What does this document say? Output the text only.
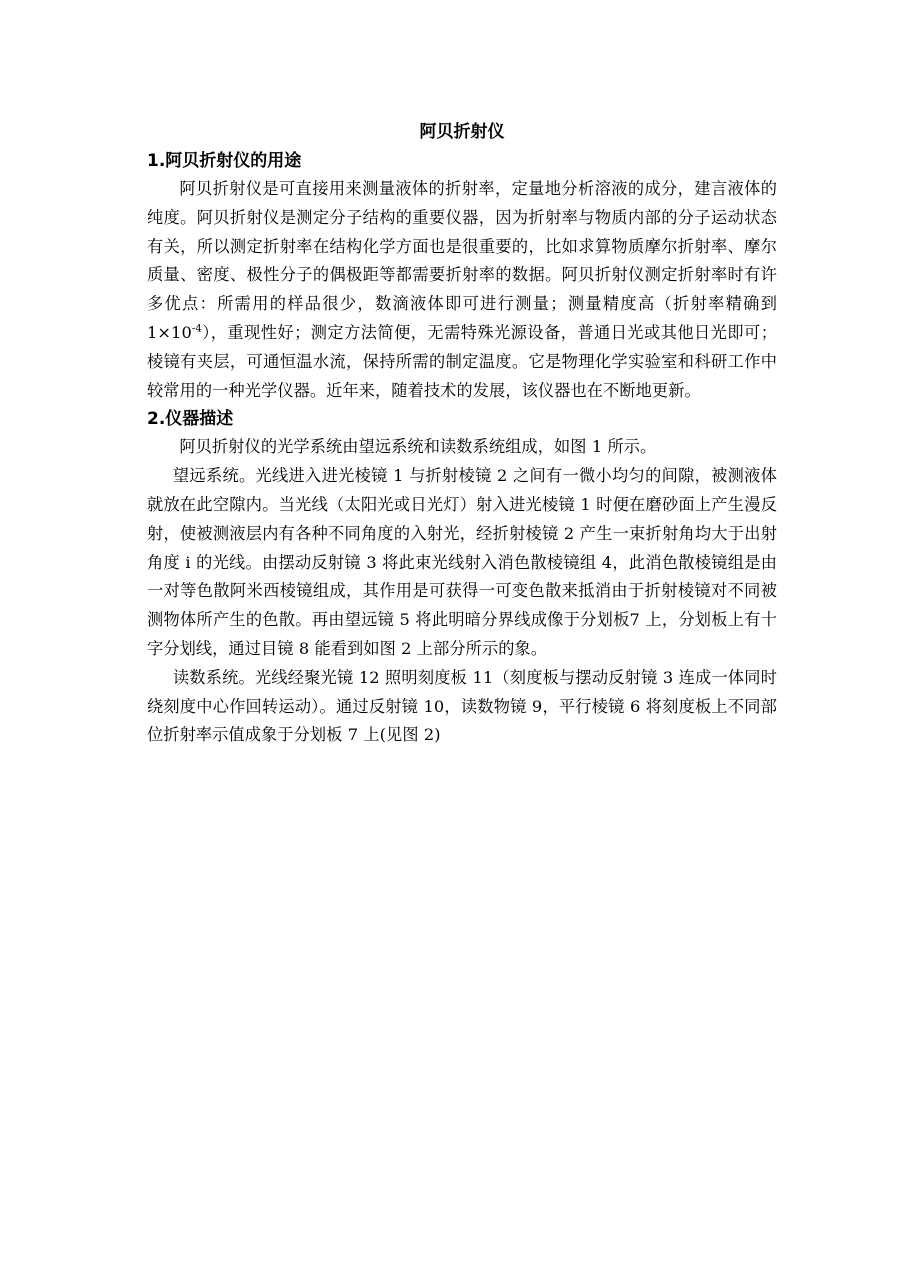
阿贝折射仪
1.阿贝折射仪的用途

阿贝折射仪是可直接用来测量液体的折射率，定量地分析溶液的成分，建言液体的纯度。阿贝折射仪是测定分子结构的重要仪器，因为折射率与物质内部的分子运动状态有关，所以测定折射率在结构化学方面也是很重要的，比如求算物质摩尔折射率、摩尔质量、密度、极性分子的偶极距等都需要折射率的数据。阿贝折射仪测定折射率时有许多优点：所需用的样品很少，数滴液体即可进行测量；测量精度高（折射率精确到 $1\times 10^{-4}$），重现性好；测定方法简便，无需特殊光源设备，普通日光或其他日光即可；棱镜有夹层，可通恒温水流，保持所需的制定温度。它是物理化学实验室和科研工作中较常用的一种光学仪器。近年来，随着技术的发展，该仪器也在不断地更新。

2.仪器描述

阿贝折射仪的光学系统由望远系统和读数系统组成，如图 1 所示。

望远系统。光线进入进光棱镜 1 与折射棱镜 2 之间有一微小均匀的间隙，被测液体就放在此空隙内。当光线（太阳光或日光灯）射入进光棱镜 1 时便在磨砂面上产生漫反射，使被测液层内有各种不同角度的入射光，经折射棱镜 2 产生一束折射角均大于出射角度 i 的光线。由摆动反射镜 3 将此束光线射入消色散棱镜组 4，此消色散棱镜组是由一对等色散阿米西棱镜组成，其作用是可获得一可变色散来抵消由于折射棱镜对不同被测物体所产生的色散。再由望远镜 5 将此明暗分界线成像于分划板7 上，分划板上有十字分划线，通过目镜 8 能看到如图 2 上部分所示的象。

读数系统。光线经聚光镜 12 照明刻度板 11（刻度板与摆动反射镜 3 连成一体同时绕刻度中心作回转运动）。通过反射镜 10，读数物镜 9，平行棱镜 6 将刻度板上不同部位折射率示值成象于分划板 7 上(见图 2)
